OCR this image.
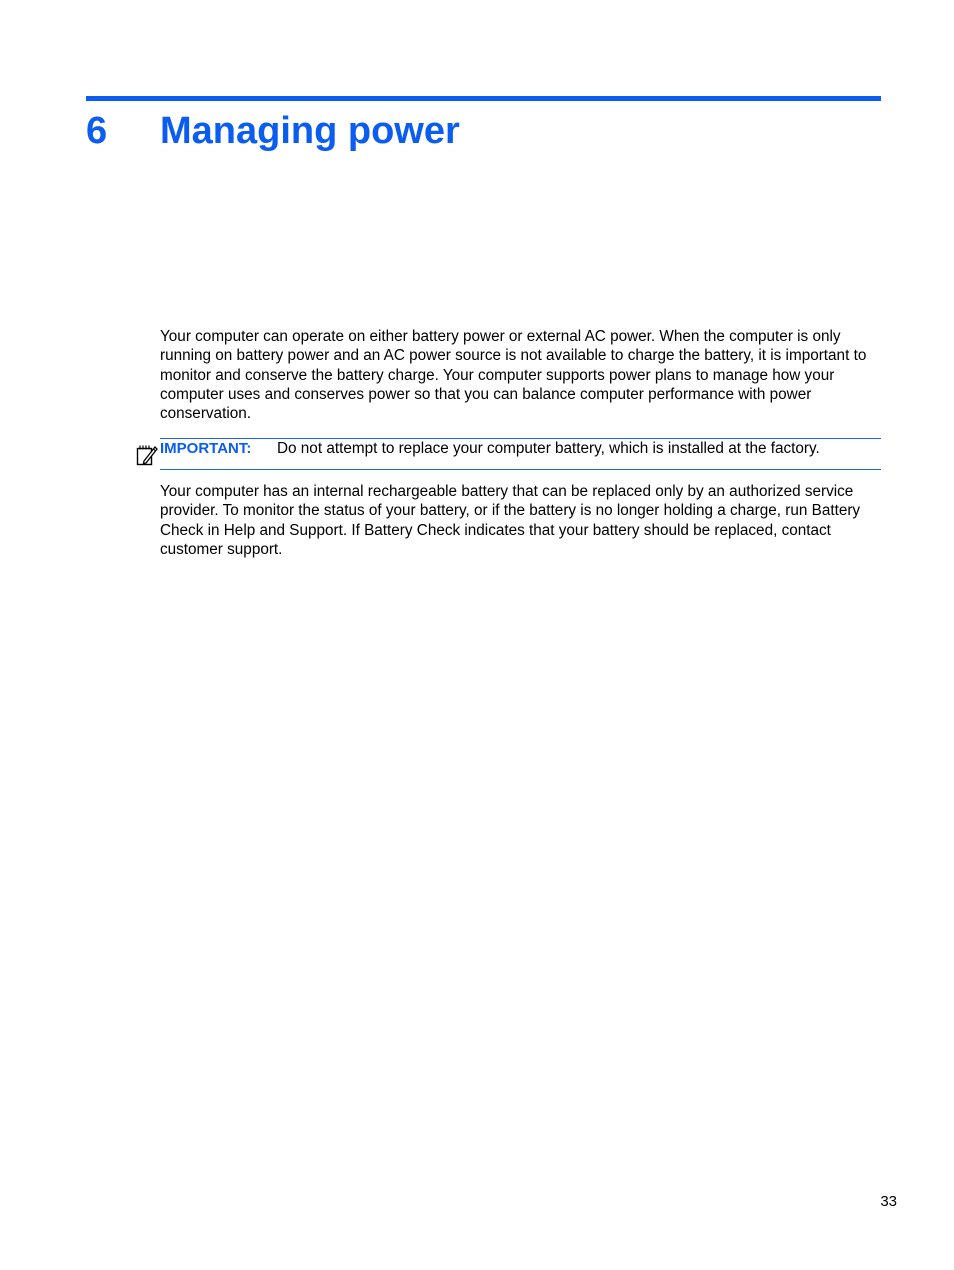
6 Managing power

Your computer can operate on either battery power or external AC power. When the computer is only running on battery power and an AC power source is not available to charge the battery, it is important to monitor and conserve the battery charge. Your computer supports power plans to manage how your computer uses and conserves power so that you can balance computer performance with power conservation.

IMPORTANT: Do not attempt to replace your computer battery, which is installed at the factory.

Your computer has an internal rechargeable battery that can be replaced only by an authorized service provider. To monitor the status of your battery, or if the battery is no longer holding a charge, run Battery Check in Help and Support. If Battery Check indicates that your battery should be replaced, contact customer support.

33
